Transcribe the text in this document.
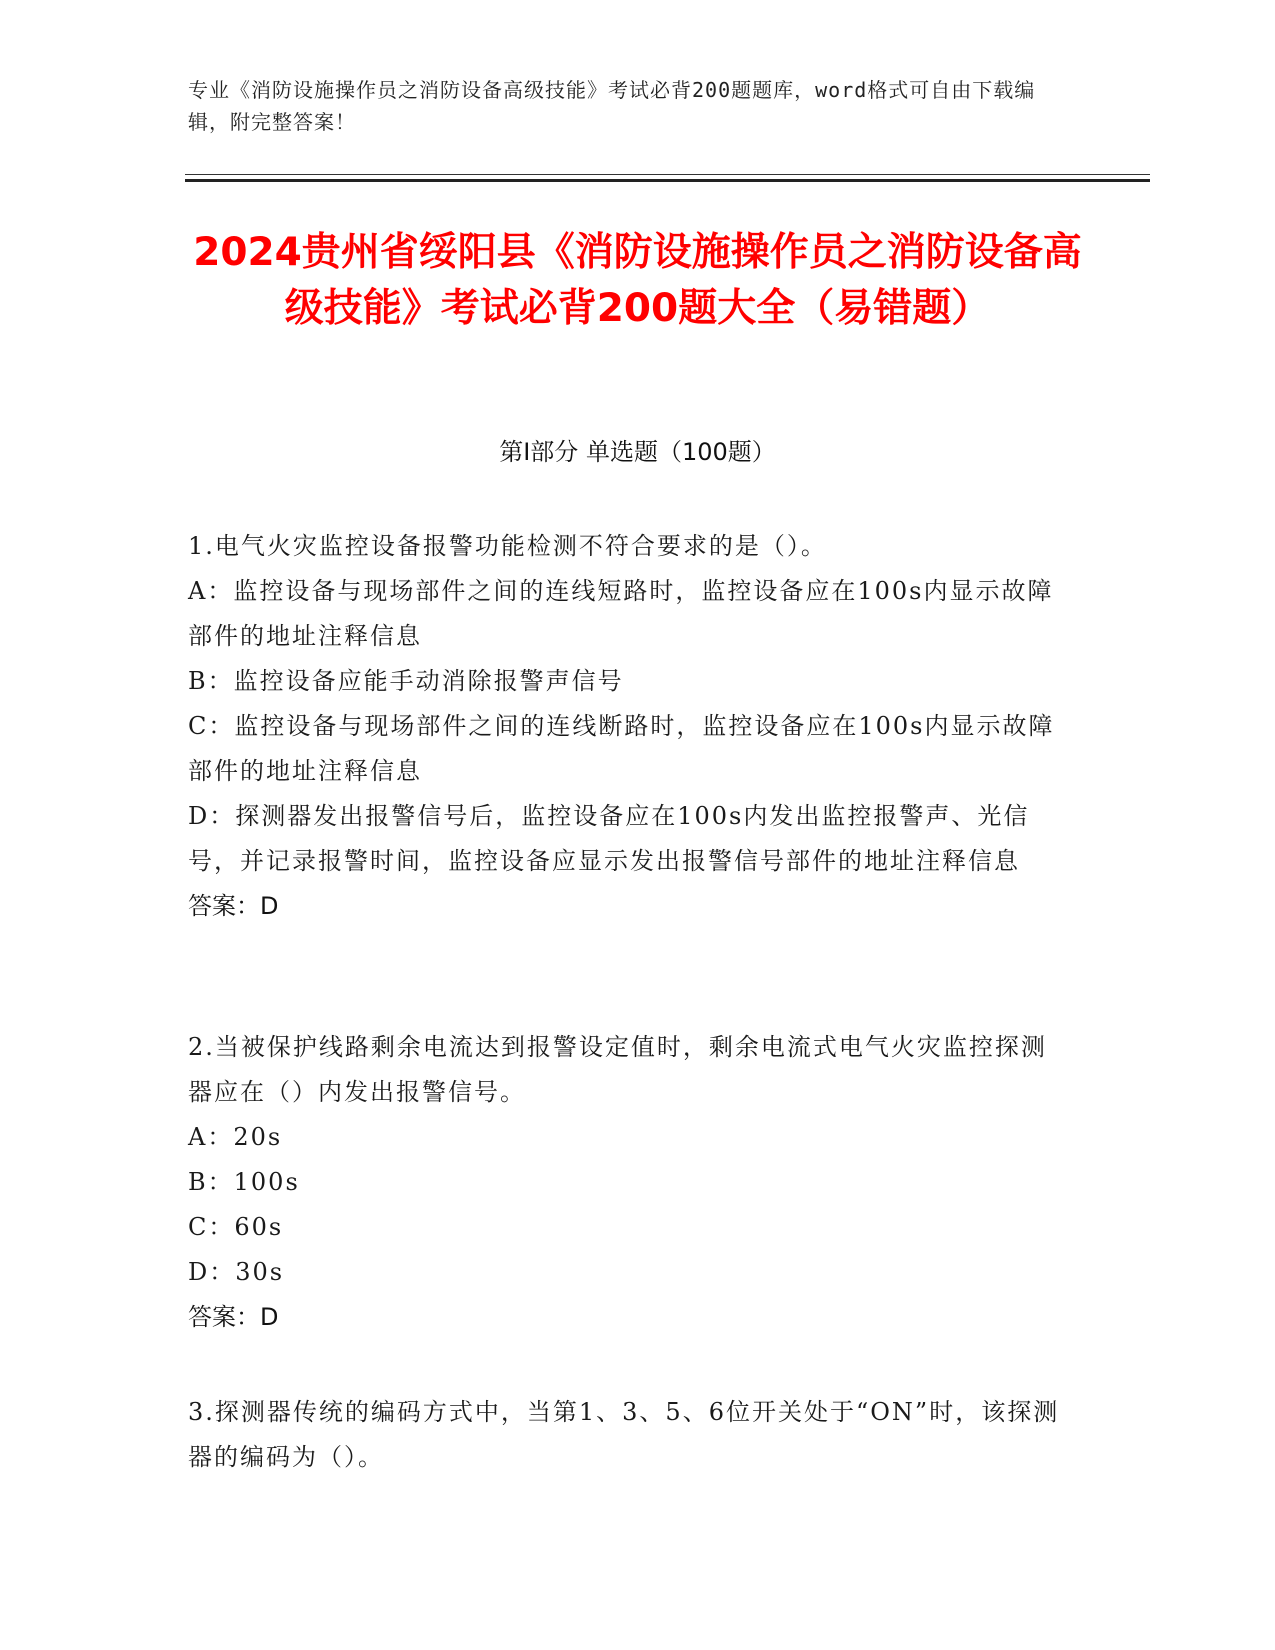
专业《消防设施操作员之消防设备高级技能》考试必背200题题库，word格式可自由下载编辑，附完整答案！
2024贵州省绥阳县《消防设施操作员之消防设备高级技能》考试必背200题大全（易错题）
第I部分 单选题（100题）
1.电气火灾监控设备报警功能检测不符合要求的是（）。
A：监控设备与现场部件之间的连线短路时，监控设备应在100s内显示故障部件的地址注释信息
B：监控设备应能手动消除报警声信号
C：监控设备与现场部件之间的连线断路时，监控设备应在100s内显示故障部件的地址注释信息
D：探测器发出报警信号后，监控设备应在100s内发出监控报警声、光信号，并记录报警时间，监控设备应显示发出报警信号部件的地址注释信息
答案：D
2.当被保护线路剩余电流达到报警设定值时，剩余电流式电气火灾监控探测器应在（）内发出报警信号。
A：20s
B：100s
C：60s
D：30s
答案：D
3.探测器传统的编码方式中，当第1、3、5、6位开关处于“ON”时，该探测器的编码为（）。
